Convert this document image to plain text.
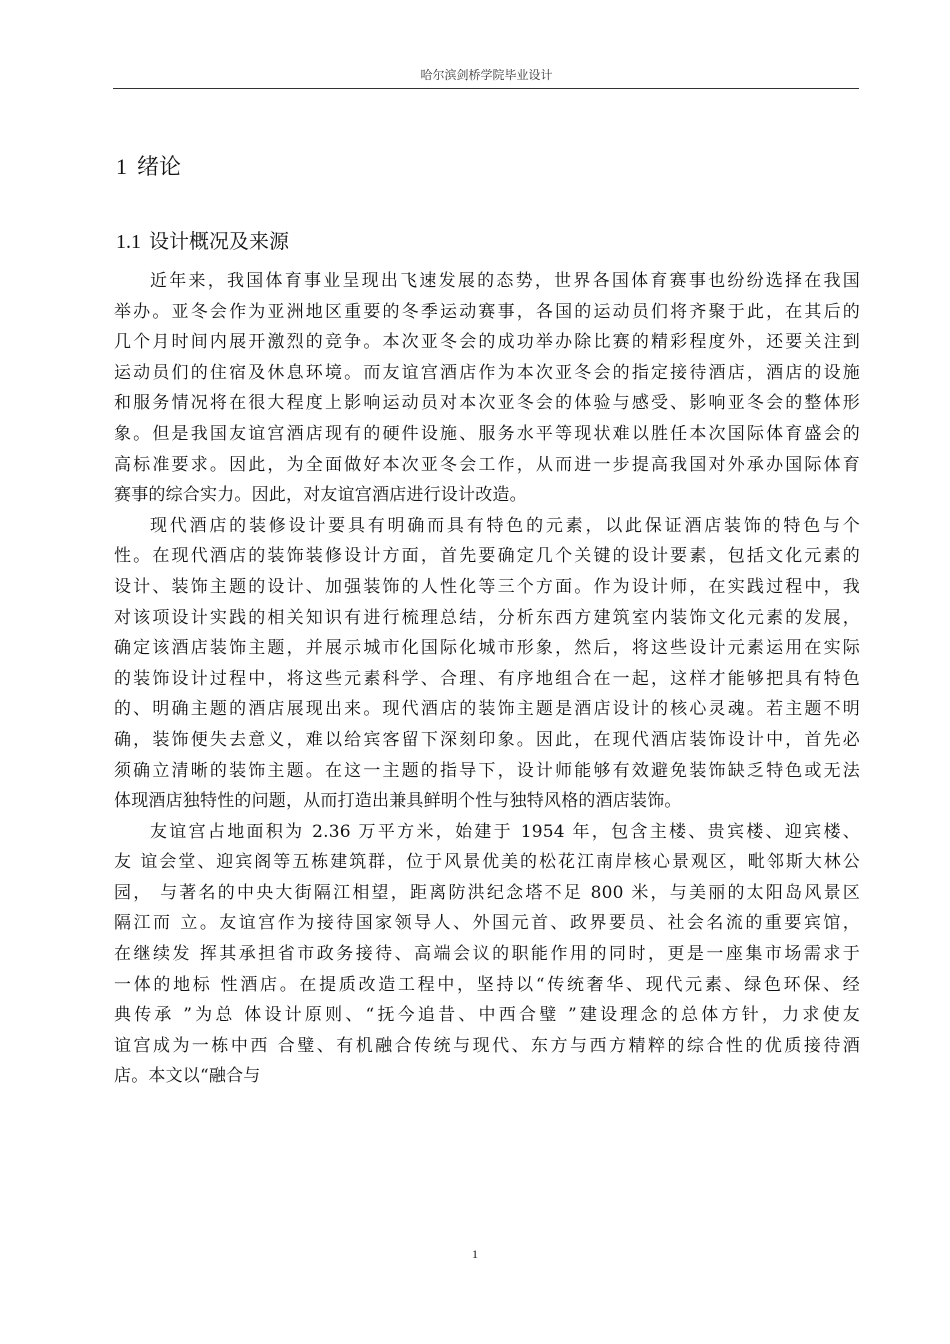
哈尔滨剑桥学院毕业设计
1 绪论
1.1 设计概况及来源
近年来，我国体育事业呈现出飞速发展的态势，世界各国体育赛事也纷纷选择在我国
举办。亚冬会作为亚洲地区重要的冬季运动赛事，各国的运动员们将齐聚于此，在其后的
几个月时间内展开激烈的竞争。本次亚冬会的成功举办除比赛的精彩程度外，还要关注到
运动员们的住宿及休息环境。而友谊宫酒店作为本次亚冬会的指定接待酒店，酒店的设施
和服务情况将在很大程度上影响运动员对本次亚冬会的体验与感受、影响亚冬会的整体形
象。但是我国友谊宫酒店现有的硬件设施、服务水平等现状难以胜任本次国际体育盛会的
高标准要求。因此，为全面做好本次亚冬会工作，从而进一步提高我国对外承办国际体育
赛事的综合实力。因此，对友谊宫酒店进行设计改造。
现代酒店的装修设计要具有明确而具有特色的元素，以此保证酒店装饰的特色与个
性。在现代酒店的装饰装修设计方面，首先要确定几个关键的设计要素，包括文化元素的
设计、装饰主题的设计、加强装饰的人性化等三个方面。作为设计师，在实践过程中，我
对该项设计实践的相关知识有进行梳理总结，分析东西方建筑室内装饰文化元素的发展，
确定该酒店装饰主题，并展示城市化国际化城市形象，然后，将这些设计元素运用在实际
的装饰设计过程中，将这些元素科学、合理、有序地组合在一起，这样才能够把具有特色
的、明确主题的酒店展现出来。现代酒店的装饰主题是酒店设计的核心灵魂。若主题不明
确，装饰便失去意义，难以给宾客留下深刻印象。因此，在现代酒店装饰设计中，首先必
须确立清晰的装饰主题。在这一主题的指导下，设计师能够有效避免装饰缺乏特色或无法
体现酒店独特性的问题，从而打造出兼具鲜明个性与独特风格的酒店装饰。
友谊宫占地面积为 2.36 万平方米，始建于 1954 年，包含主楼、贵宾楼、迎宾楼、
友 谊会堂、迎宾阁等五栋建筑群，位于风景优美的松花江南岸核心景观区，毗邻斯大林公
园， 与著名的中央大街隔江相望，距离防洪纪念塔不足 800 米，与美丽的太阳岛风景区
隔江而 立。友谊宫作为接待国家领导人、外国元首、政界要员、社会名流的重要宾馆，
在继续发 挥其承担省市政务接待、高端会议的职能作用的同时，更是一座集市场需求于
一体的地标 性酒店。在提质改造工程中，坚持以“传统奢华、现代元素、绿色环保、经
典传承 ”为总 体设计原则、“抚今追昔、中西合璧 ”建设理念的总体方针，力求使友
谊宫成为一栋中西 合璧、有机融合传统与现代、东方与西方精粹的综合性的优质接待酒
店。本文以“融合与
1
